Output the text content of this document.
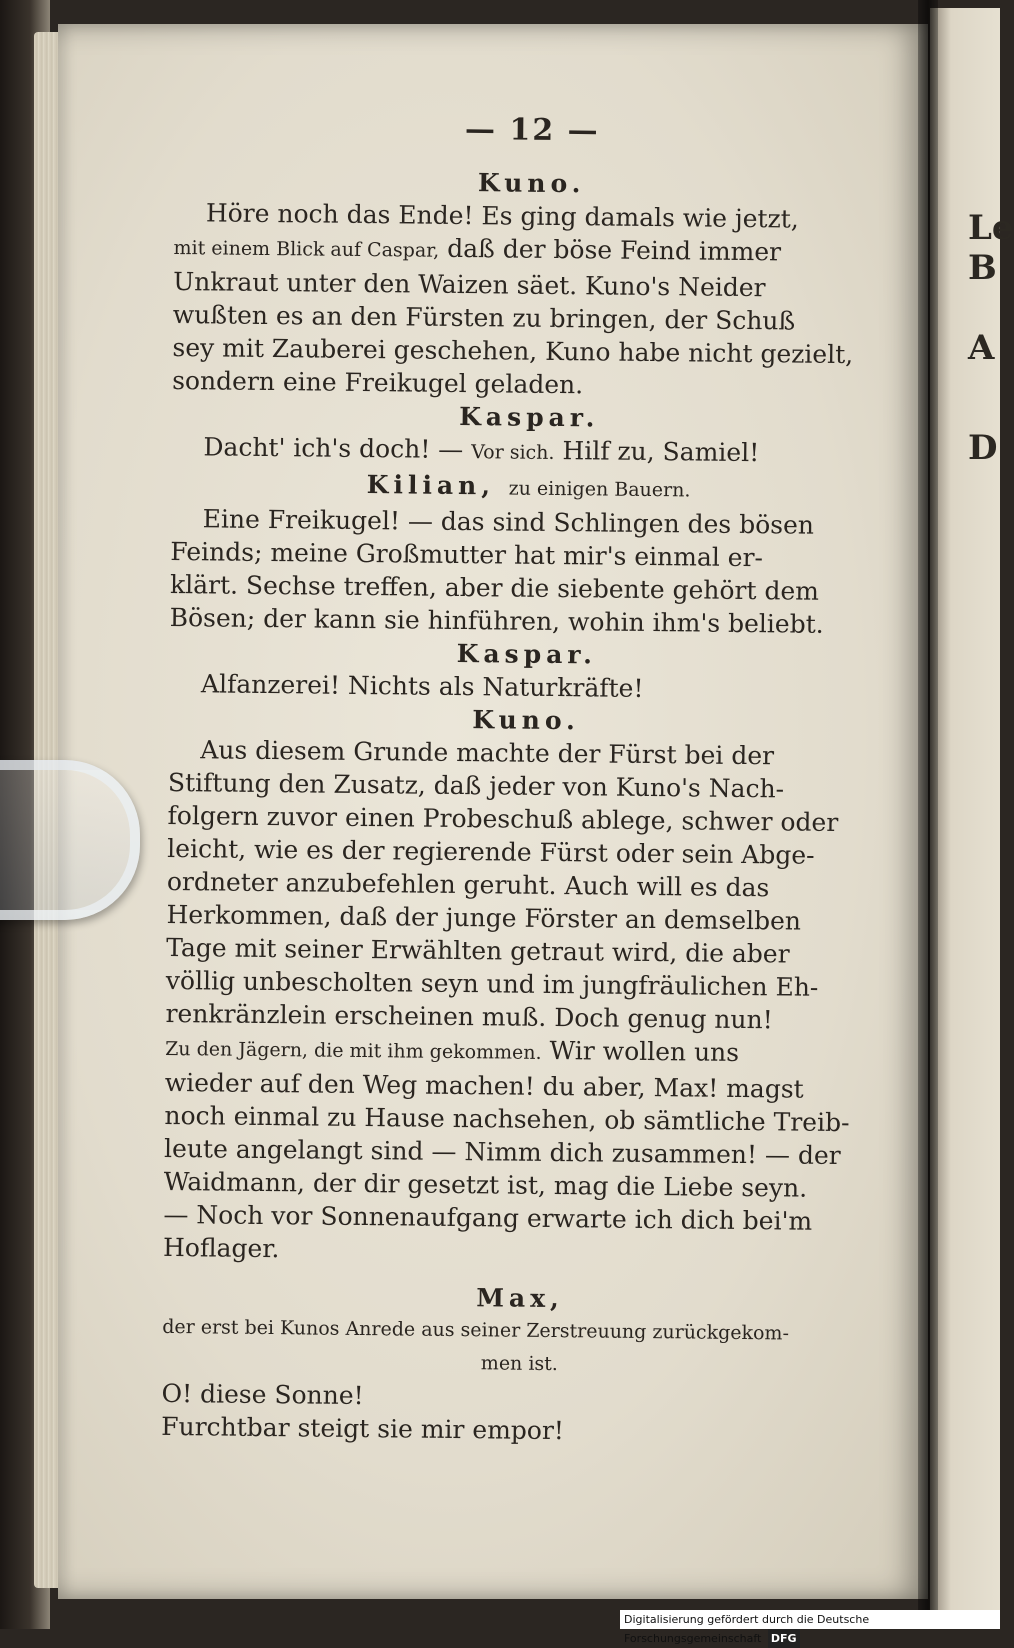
Le
B
A
D
— 12 —
Kuno.
Höre noch das Ende! Es ging damals wie jetzt,
mit einem Blick auf Caspar, daß der böse Feind immer
Unkraut unter den Waizen säet. Kuno's Neider
wußten es an den Fürsten zu bringen, der Schuß
sey mit Zauberei geschehen, Kuno habe nicht gezielt,
sondern eine Freikugel geladen.
Kaspar.
Dacht' ich's doch! — Vor sich. Hilf zu, Samiel!
Kilian, zu einigen Bauern.
Eine Freikugel! — das sind Schlingen des bösen
Feinds; meine Großmutter hat mir's einmal er-
klärt. Sechse treffen, aber die siebente gehört dem
Bösen; der kann sie hinführen, wohin ihm's beliebt.
Kaspar.
Alfanzerei! Nichts als Naturkräfte!
Kuno.
Aus diesem Grunde machte der Fürst bei der
Stiftung den Zusatz, daß jeder von Kuno's Nach-
folgern zuvor einen Probeschuß ablege, schwer oder
leicht, wie es der regierende Fürst oder sein Abge-
ordneter anzubefehlen geruht. Auch will es das
Herkommen, daß der junge Förster an demselben
Tage mit seiner Erwählten getraut wird, die aber
völlig unbescholten seyn und im jungfräulichen Eh-
renkränzlein erscheinen muß. Doch genug nun!
Zu den Jägern, die mit ihm gekommen. Wir wollen uns
wieder auf den Weg machen! du aber, Max! magst
noch einmal zu Hause nachsehen, ob sämtliche Treib-
leute angelangt sind — Nimm dich zusammen! — der
Waidmann, der dir gesetzt ist, mag die Liebe seyn.
— Noch vor Sonnenaufgang erwarte ich dich bei'm
Hoflager.
Max,
der erst bei Kunos Anrede aus seiner Zerstreuung zurückgekom-
men ist.
O! diese Sonne!
Furchtbar steigt sie mir empor!
Digitalisierung gefördert durch die Deutsche Forschungsgemeinschaft DFG
